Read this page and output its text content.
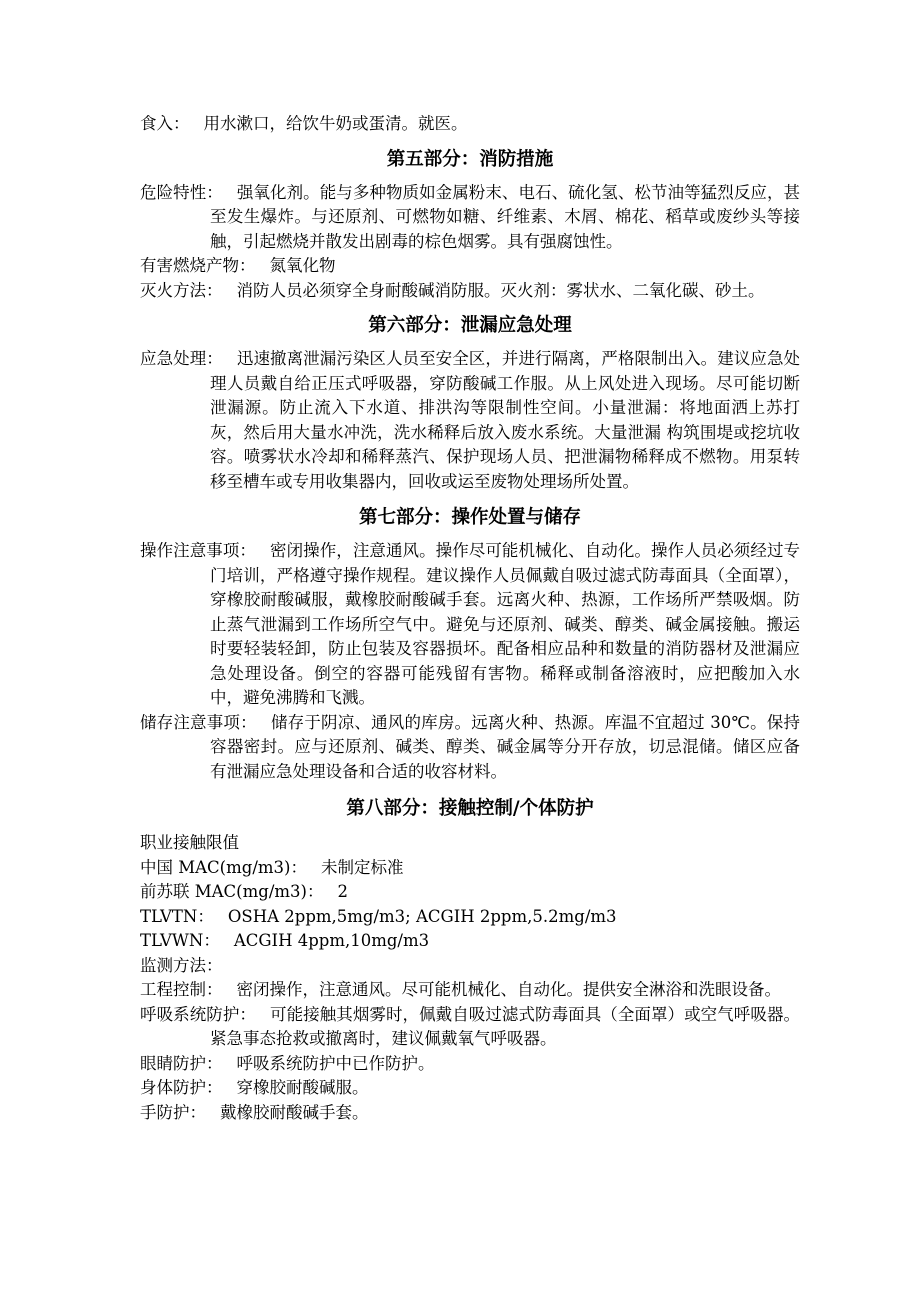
食入： 用水漱口，给饮牛奶或蛋清。就医。

第五部分：消防措施

危险特性： 强氧化剂。能与多种物质如金属粉末、电石、硫化氢、松节油等猛烈反应，甚至发生爆炸。与还原剂、可燃物如糖、纤维素、木屑、棉花、稻草或废纱头等接触，引起燃烧并散发出剧毒的棕色烟雾。具有强腐蚀性。

有害燃烧产物： 氮氧化物

灭火方法： 消防人员必须穿全身耐酸碱消防服。灭火剂：雾状水、二氧化碳、砂土。

第六部分：泄漏应急处理

应急处理： 迅速撤离泄漏污染区人员至安全区，并进行隔离，严格限制出入。建议应急处理人员戴自给正压式呼吸器，穿防酸碱工作服。从上风处进入现场。尽可能切断泄漏源。防止流入下水道、排洪沟等限制性空间。小量泄漏：将地面洒上苏打灰，然后用大量水冲洗，洗水稀释后放入废水系统。大量泄漏 构筑围堤或挖坑收容。喷雾状水冷却和稀释蒸汽、保护现场人员、把泄漏物稀释成不燃物。用泵转移至槽车或专用收集器内，回收或运至废物处理场所处置。

第七部分：操作处置与储存

操作注意事项： 密闭操作，注意通风。操作尽可能机械化、自动化。操作人员必须经过专门培训，严格遵守操作规程。建议操作人员佩戴自吸过滤式防毒面具（全面罩），穿橡胶耐酸碱服，戴橡胶耐酸碱手套。远离火种、热源，工作场所严禁吸烟。防止蒸气泄漏到工作场所空气中。避免与还原剂、碱类、醇类、碱金属接触。搬运时要轻装轻卸，防止包装及容器损坏。配备相应品种和数量的消防器材及泄漏应急处理设备。倒空的容器可能残留有害物。稀释或制备溶液时，应把酸加入水中，避免沸腾和飞溅。

储存注意事项： 储存于阴凉、通风的库房。远离火种、热源。库温不宜超过 30℃。保持容器密封。应与还原剂、碱类、醇类、碱金属等分开存放，切忌混储。储区应备有泄漏应急处理设备和合适的收容材料。

第八部分：接触控制/个体防护

职业接触限值

中国 MAC(mg/m3)： 未制定标准

前苏联 MAC(mg/m3)： 2

TLVTN： OSHA 2ppm,5mg/m3; ACGIH 2ppm,5.2mg/m3

TLVWN： ACGIH 4ppm,10mg/m3

监测方法：

工程控制： 密闭操作，注意通风。尽可能机械化、自动化。提供安全淋浴和洗眼设备。

呼吸系统防护： 可能接触其烟雾时，佩戴自吸过滤式防毒面具（全面罩）或空气呼吸器。紧急事态抢救或撤离时，建议佩戴氧气呼吸器。

眼睛防护： 呼吸系统防护中已作防护。

身体防护： 穿橡胶耐酸碱服。

手防护： 戴橡胶耐酸碱手套。
